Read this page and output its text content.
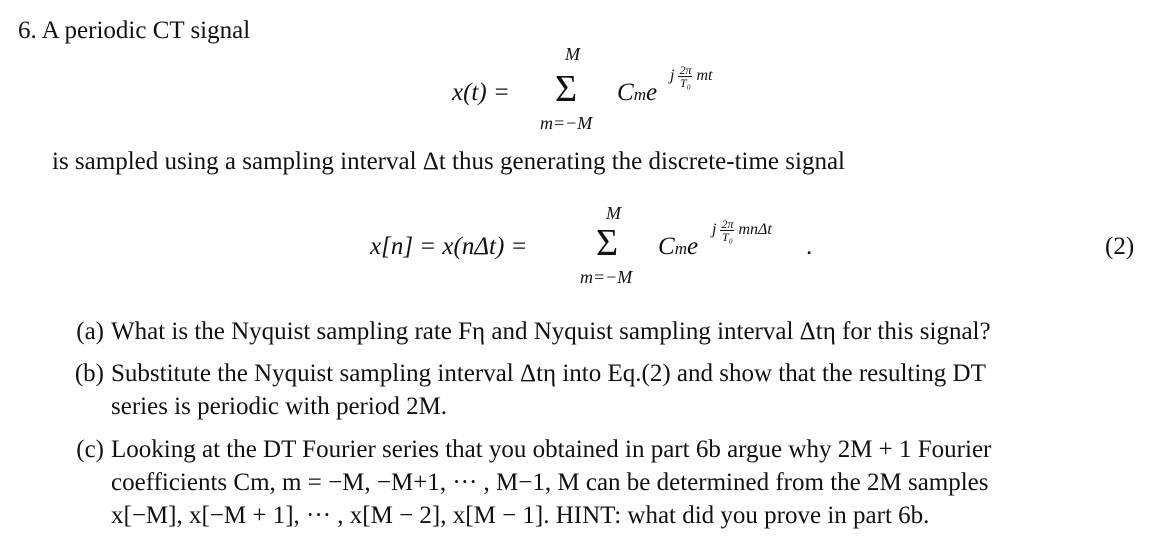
6. A periodic CT signal
x(t) =
M
Σ
m=−M
Cme
j $\frac{2\pi}{\text{T₀}}$ mt
is sampled using a sampling interval Δt thus generating the discrete-time signal
x[n] = x(nΔt) =
M
Σ
m=−M
Cme
j $\frac{2\pi}{\text{T₀}}$ mnΔt
.	(2)
(a) What is the Nyquist sampling rate Fη and Nyquist sampling interval Δtη for this signal?
(b) Substitute the Nyquist sampling interval Δtη into Eq.(2) and show that the resulting DT
series is periodic with period 2M.
(c) Looking at the DT Fourier series that you obtained in part 6b argue why 2M + 1 Fourier
coefficients Cm, m = −M, −M+1, ··· , M−1, M can be determined from the 2M samples
x[−M], x[−M + 1], ··· , x[M − 2], x[M − 1]. HINT: what did you prove in part 6b.
